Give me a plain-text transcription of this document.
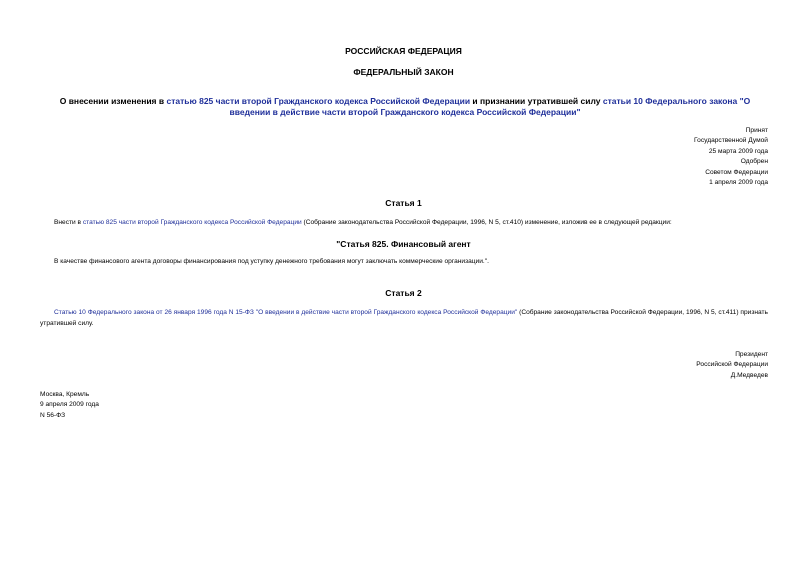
РОССИЙСКАЯ ФЕДЕРАЦИЯ
ФЕДЕРАЛЬНЫЙ ЗАКОН
О внесении изменения в статью 825 части второй Гражданского кодекса Российской Федерации и признании утратившей силу статьи 10 Федерального закона "О введении в действие части второй Гражданского кодекса Российской Федерации"
Принят
Государственной Думой
25 марта 2009 года
Одобрен
Советом Федерации
1 апреля 2009 года
Статья 1
Внести в статью 825 части второй Гражданского кодекса Российской Федерации (Собрание законодательства Российской Федерации, 1996, N 5, ст.410) изменение, изложив ее в следующей редакции:
"Статья 825. Финансовый агент
В качестве финансового агента договоры финансирования под уступку денежного требования могут заключать коммерческие организации.".
Статья 2
Статью 10 Федерального закона от 26 января 1996 года N 15-ФЗ "О введении в действие части второй Гражданского кодекса Российской Федерации" (Собрание законодательства Российской Федерации, 1996, N 5, ст.411) признать утратившей силу.
Президент
Российской Федерации
Д.Медведев
Москва, Кремль
9 апреля 2009 года
N 56-ФЗ
